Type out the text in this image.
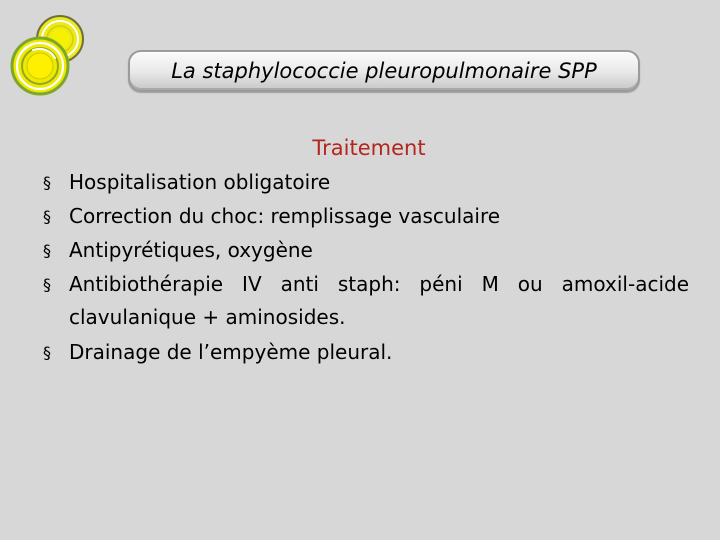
La staphylococcie pleuropulmonaire SPP
Traitement
§ Hospitalisation obligatoire
§ Correction du choc: remplissage vasculaire
§ Antipyrétiques, oxygène
§ Antibiothérapie IV anti staph: péni M ou amoxil-acide clavulanique + aminosides.
§ Drainage de l’empyème pleural.
